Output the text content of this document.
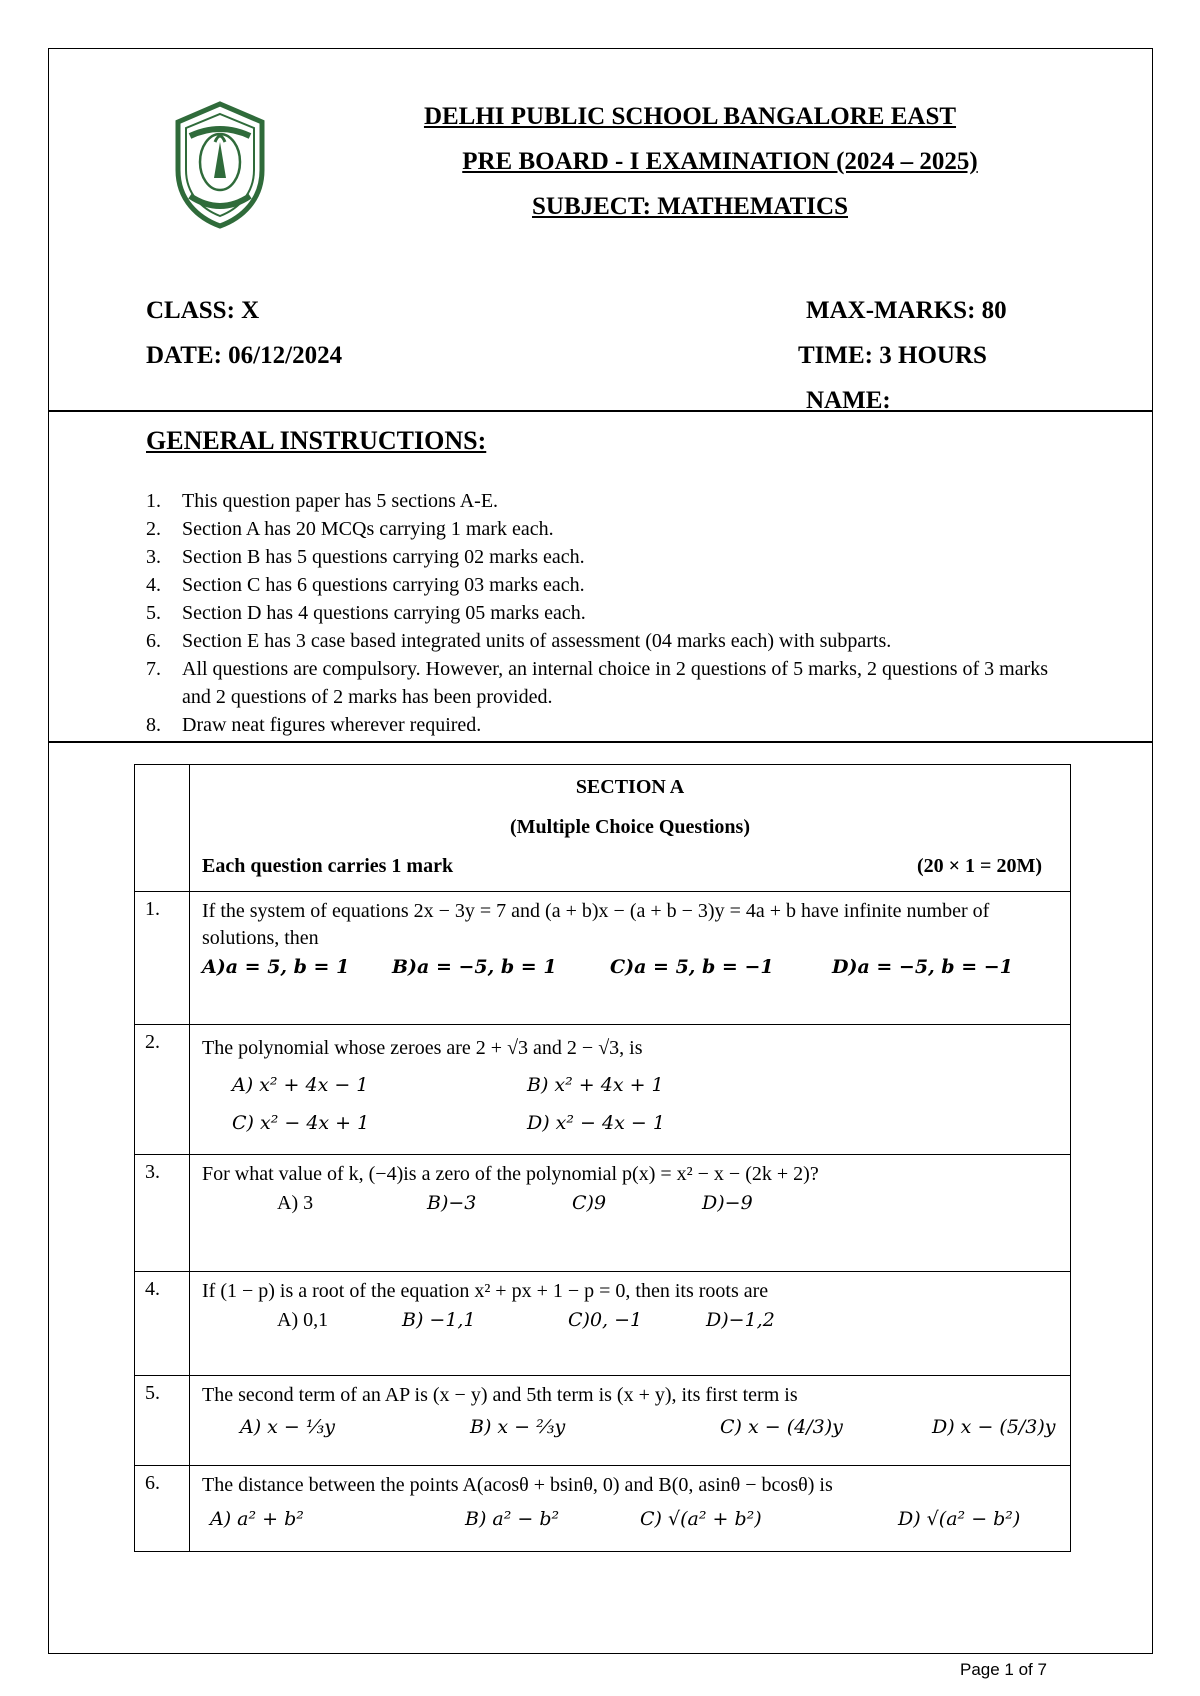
DELHI PUBLIC SCHOOL BANGALORE EAST
PRE BOARD - I EXAMINATION (2024 – 2025)
SUBJECT: MATHEMATICS
CLASS: X	MAX-MARKS: 80
DATE: 06/12/2024	TIME: 3 HOURS
NAME:
GENERAL INSTRUCTIONS:
1.	This question paper has 5 sections A-E.
2.	Section A has 20 MCQs carrying 1 mark each.
3.	Section B has 5 questions carrying 02 marks each.
4.	Section C has 6 questions carrying 03 marks each.
5.	Section D has 4 questions carrying 05 marks each.
6.	Section E has 3 case based integrated units of assessment (04 marks each) with subparts.
7.	All questions are compulsory. However, an internal choice in 2 questions of 5 marks, 2 questions of 3 marks and 2 questions of 2 marks has been provided.
8.	Draw neat figures wherever required.

	SECTION A
(Multiple Choice Questions)
Each question carries 1 mark (20 × 1 = 20M)

1.	If the system of equations 2x − 3y = 7 and (a + b)x − (a + b − 3)y = 4a + b have infinite number of solutions, then
A)a = 5, b = 1 B)a = −5, b = 1 C)a = 5, b = −1 D)a = −5, b = −1

2.	The polynomial whose zeroes are 2 + √3 and 2 − √3, is
A) x² + 4x − 1 B) x² + 4x + 1
C) x² − 4x + 1 D) x² − 4x − 1

3.	For what value of k, (−4)is a zero of the polynomial p(x) = x² − x − (2k + 2)?
A) 3 B)−3 C)9 D)−9

4.	If (1 − p) is a root of the equation x² + px + 1 − p = 0, then its roots are
A) 0,1 B) −1,1 C)0, −1 D)−1,2

5.	The second term of an AP is (x − y) and 5th term is (x + y), its first term is
A) x − ⅓y B) x − ⅔y C) x − (4/3)y D) x − (5/3)y

6.	The distance between the points A(acosθ + bsinθ, 0) and B(0, asinθ − bcosθ) is
A) a² + b² B) a² − b² C) √(a² + b²) D) √(a² − b²)
Page 1 of 7
